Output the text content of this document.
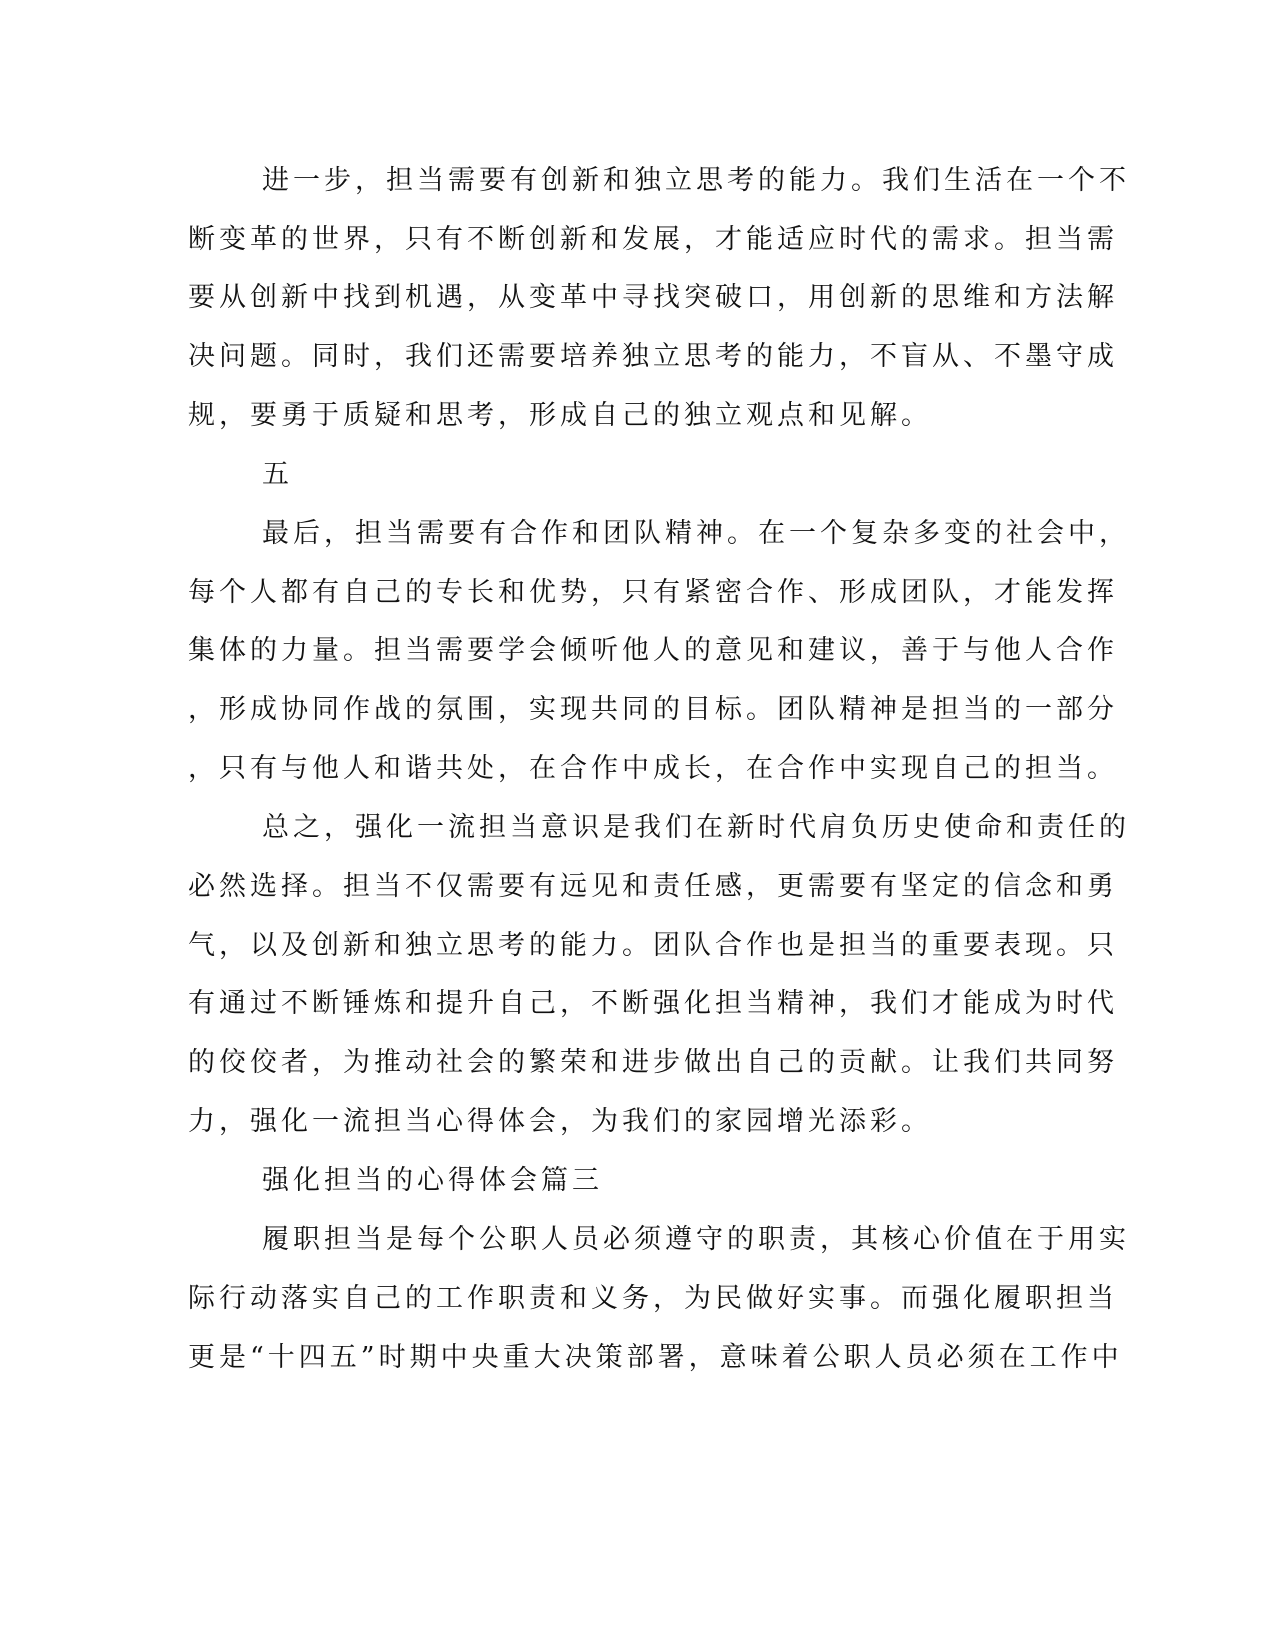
进一步，担当需要有创新和独立思考的能力。我们生活在一个不
断变革的世界，只有不断创新和发展，才能适应时代的需求。担当需
要从创新中找到机遇，从变革中寻找突破口，用创新的思维和方法解
决问题。同时，我们还需要培养独立思考的能力，不盲从、不墨守成
规，要勇于质疑和思考，形成自己的独立观点和见解。
五
最后，担当需要有合作和团队精神。在一个复杂多变的社会中，
每个人都有自己的专长和优势，只有紧密合作、形成团队，才能发挥
集体的力量。担当需要学会倾听他人的意见和建议，善于与他人合作
，形成协同作战的氛围，实现共同的目标。团队精神是担当的一部分
，只有与他人和谐共处，在合作中成长，在合作中实现自己的担当。
总之，强化一流担当意识是我们在新时代肩负历史使命和责任的
必然选择。担当不仅需要有远见和责任感，更需要有坚定的信念和勇
气，以及创新和独立思考的能力。团队合作也是担当的重要表现。只
有通过不断锤炼和提升自己，不断强化担当精神，我们才能成为时代
的佼佼者，为推动社会的繁荣和进步做出自己的贡献。让我们共同努
力，强化一流担当心得体会，为我们的家园增光添彩。
强化担当的心得体会篇三
履职担当是每个公职人员必须遵守的职责，其核心价值在于用实
际行动落实自己的工作职责和义务，为民做好实事。而强化履职担当
更是“十四五”时期中央重大决策部署，意味着公职人员必须在工作中
